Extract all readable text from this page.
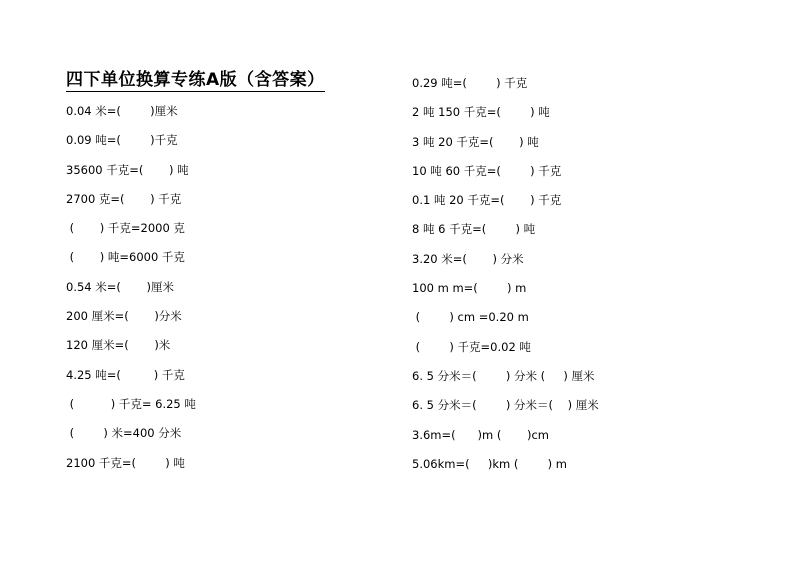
四下单位换算专练A版（含答案）
0.04 米=(        )厘米
0.09 吨=(        )千克
35600 千克=(       ) 吨
2700 克=(       ) 千克
(       ) 千克=2000 克
(       ) 吨=6000 千克
0.54 米=(       )厘米
200 厘米=(       )分米
120 厘米=(       )米
4.25 吨=(         ) 千克
(          ) 千克= 6.25 吨
(        ) 米=400 分米
2100 千克=(        ) 吨
0.29 吨=(        ) 千克
2 吨 150 千克=(        ) 吨
3 吨 20 千克=(       ) 吨
10 吨 60 千克=(        ) 千克
0.1 吨 20 千克=(       ) 千克
8 吨 6 千克=(        ) 吨
3.20 米=(       ) 分米
100 m m=(        ) m
(        ) cm =0.20 m
(        ) 千克=0.02 吨
6. 5 分米＝(        ) 分米 (     ) 厘米
6. 5 分米＝(        ) 分米＝(    ) 厘米
3.6m=(      )m (       )cm
5.06km=(     )km (        ) m
